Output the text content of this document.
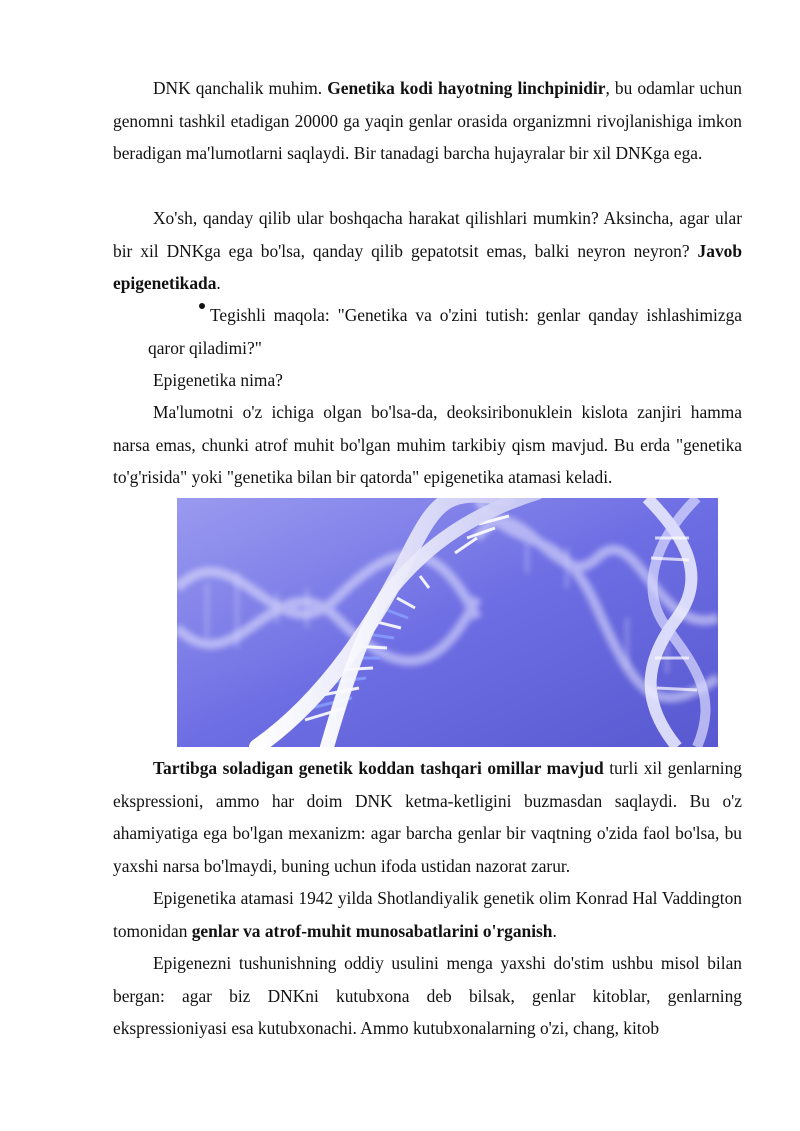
DNK qanchalik muhim. Genetika kodi hayotning linchpinidir, bu odamlar uchun genomni tashkil etadigan 20000 ga yaqin genlar orasida organizmni rivojlanishiga imkon beradigan ma'lumotlarni saqlaydi. Bir tanadagi barcha hujayralar bir xil DNKga ega.

Xo'sh, qanday qilib ular boshqacha harakat qilishlari mumkin? Aksincha, agar ular bir xil DNKga ega bo'lsa, qanday qilib gepatotsit emas, balki neyron neyron? Javob epigenetikada.

Tegishli maqola: "Genetika va o'zini tutish: genlar qanday ishlashimizga qaror qiladimi?"

Epigenetika nima?

Ma'lumotni o'z ichiga olgan bo'lsa-da, deoksiribonuklein kislota zanjiri hamma narsa emas, chunki atrof muhit bo'lgan muhim tarkibiy qism mavjud. Bu erda "genetika to'g'risida" yoki "genetika bilan bir qatorda" epigenetika atamasi keladi.

Tartibga soladigan genetik koddan tashqari omillar mavjud turli xil genlarning ekspressioni, ammo har doim DNK ketma-ketligini buzmasdan saqlaydi. Bu o'z ahamiyatiga ega bo'lgan mexanizm: agar barcha genlar bir vaqtning o'zida faol bo'lsa, bu yaxshi narsa bo'lmaydi, buning uchun ifoda ustidan nazorat zarur.

Epigenetika atamasi 1942 yilda Shotlandiyalik genetik olim Konrad Hal Vaddington tomonidan genlar va atrof-muhit munosabatlarini o'rganish.

Epigenezni tushunishning oddiy usulini menga yaxshi do'stim ushbu misol bilan bergan: agar biz DNKni kutubxona deb bilsak, genlar kitoblar, genlarning ekspressioniyasi esa kutubxonachi. Ammo kutubxonalarning o'zi, chang, kitob
